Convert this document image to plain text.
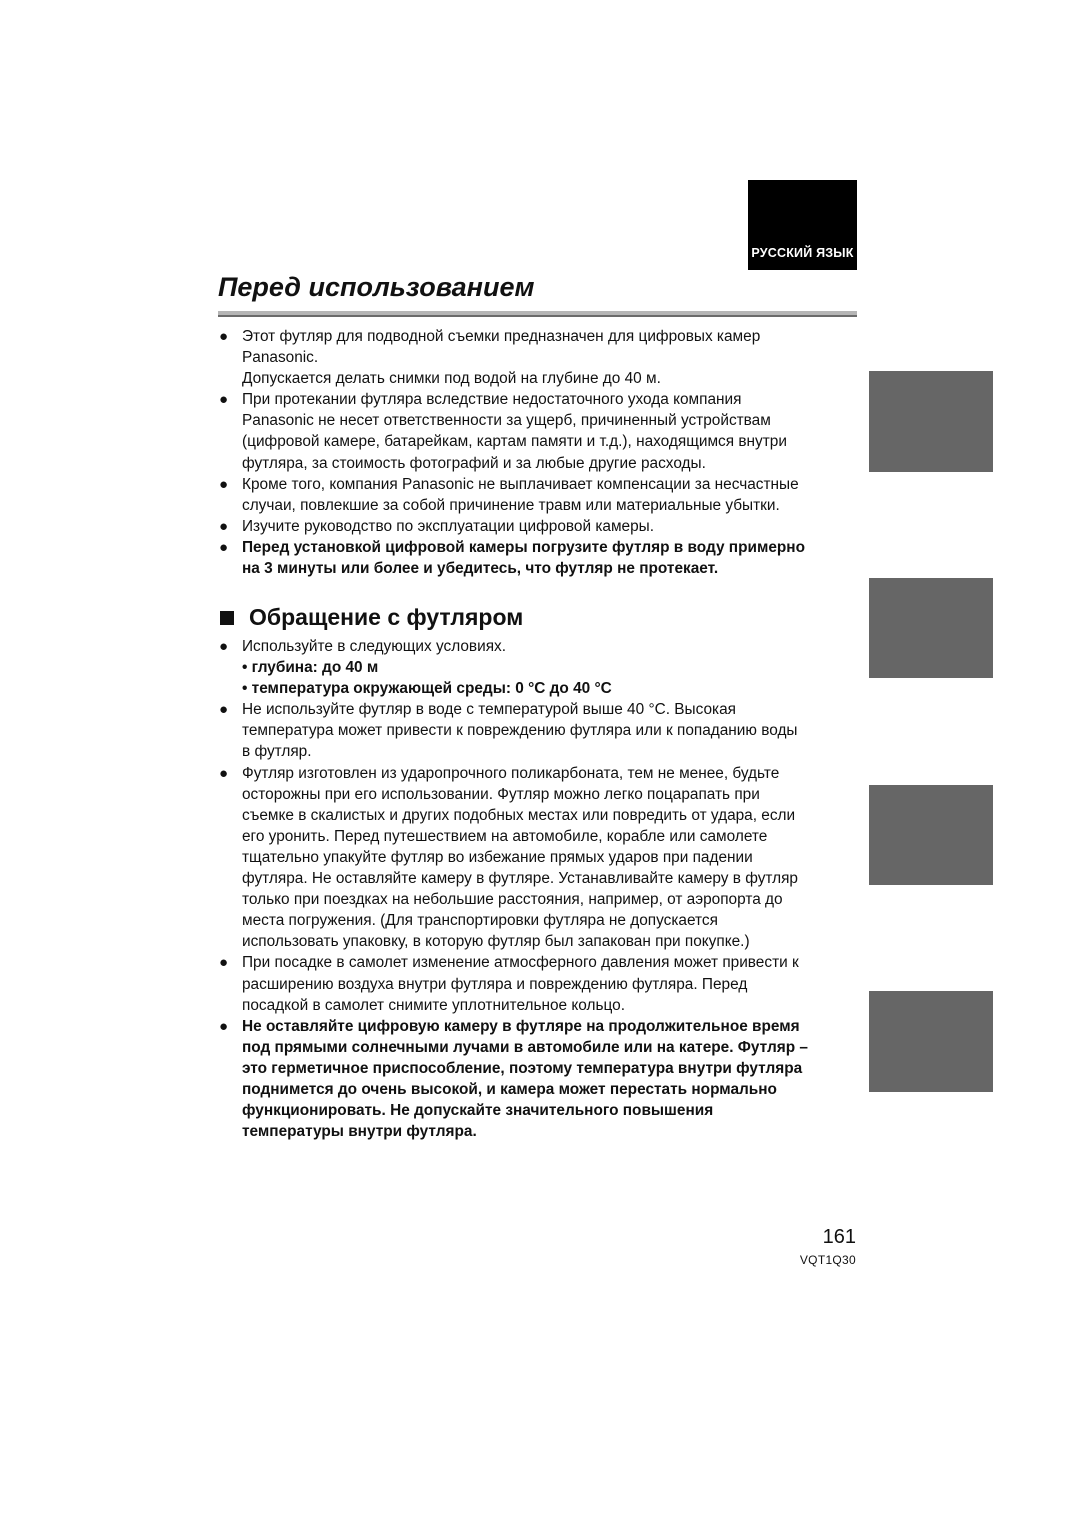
РУССКИЙ ЯЗЫК
Перед использованием
● Этот футляр для подводной съемки предназначен для цифровых камер
Panasonic.
Допускается делать снимки под водой на глубине до 40 м.
● При протекании футляра вследствие недостаточного ухода компания
Panasonic не несет ответственности за ущерб, причиненный устройствам
(цифровой камере, батарейкам, картам памяти и т.д.), находящимся внутри
футляра, за стоимость фотографий и за любые другие расходы.
● Кроме того, компания Panasonic не выплачивает компенсации за несчастные
случаи, повлекшие за собой причинение травм или материальные убытки.
● Изучите руководство по эксплуатации цифровой камеры.
● Перед установкой цифровой камеры погрузите футляр в воду примерно
на 3 минуты или более и убедитесь, что футляр не протекает.
Обращение с футляром
● Используйте в следующих условиях.
• глубина: до 40 м
• температура окружающей среды: 0 °C до 40 °C
● Не используйте футляр в воде с температурой выше 40 °C. Высокая
температура может привести к повреждению футляра или к попаданию воды
в футляр.
● Футляр изготовлен из ударопрочного поликарбоната, тем не менее, будьте
осторожны при его использовании. Футляр можно легко поцарапать при
съемке в скалистых и других подобных местах или повредить от удара, если
его уронить. Перед путешествием на автомобиле, корабле или самолете
тщательно упакуйте футляр во избежание прямых ударов при падении
футляра. Не оставляйте камеру в футляре. Устанавливайте камеру в футляр
только при поездках на небольшие расстояния, например, от аэропорта до
места погружения. (Для транспортировки футляра не допускается
использовать упаковку, в которую футляр был запакован при покупке.)
● При посадке в самолет изменение атмосферного давления может привести к
расширению воздуха внутри футляра и повреждению футляра. Перед
посадкой в самолет снимите уплотнительное кольцо.
● Не оставляйте цифровую камеру в футляре на продолжительное время
под прямыми солнечными лучами в автомобиле или на катере. Футляр –
это герметичное приспособление, поэтому температура внутри футляра
поднимется до очень высокой, и камера может перестать нормально
функционировать. Не допускайте значительного повышения
температуры внутри футляра.
161
VQT1Q30
